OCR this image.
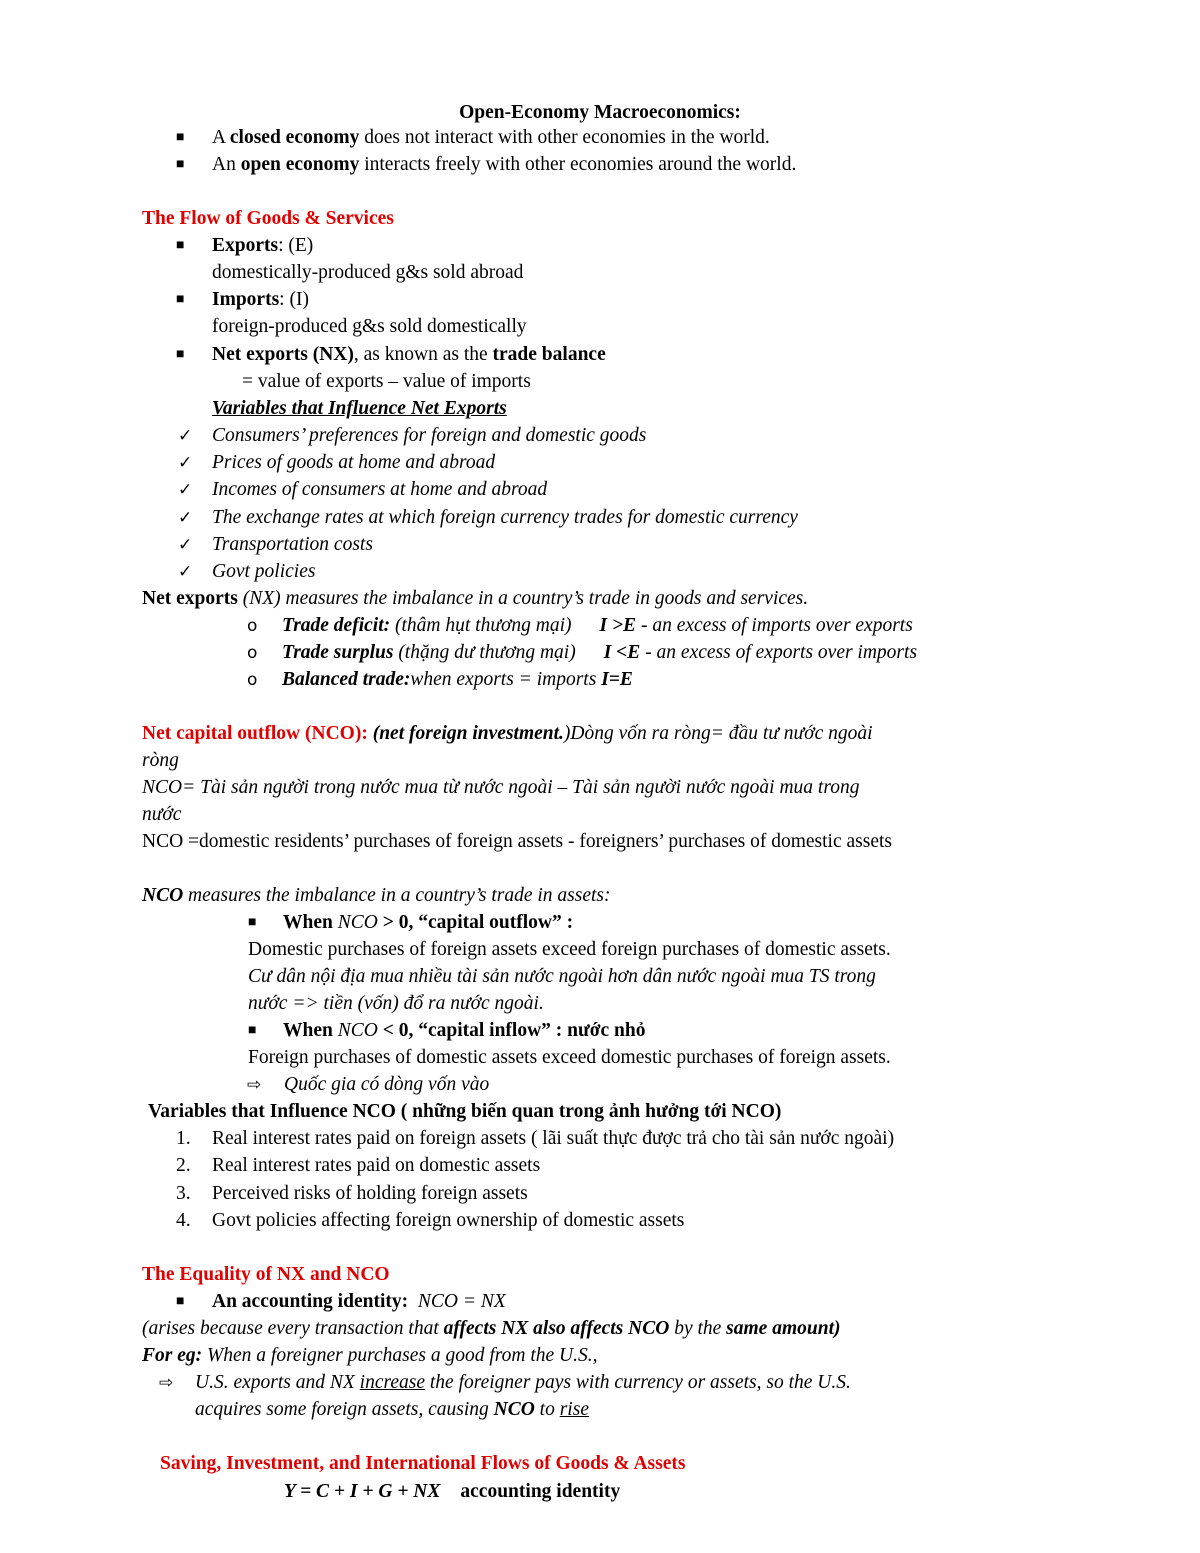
Open-Economy Macroeconomics:
■ A closed economy does not interact with other economies in the world.
■ An open economy interacts freely with other economies around the world.
The Flow of Goods & Services
■ Exports: (E)
domestically-produced g&s sold abroad
■ Imports: (I)
foreign-produced g&s sold domestically
■ Net exports (NX), as known as the trade balance
= value of exports – value of imports
Variables that Influence Net Exports
✓ Consumers’ preferences for foreign and domestic goods
✓ Prices of goods at home and abroad
✓ Incomes of consumers at home and abroad
✓ The exchange rates at which foreign currency trades for domestic currency
✓ Transportation costs
✓ Govt policies
Net exports (NX) measures the imbalance in a country’s trade in goods and services.
o Trade deficit: (thâm hụt thương mại) I >E - an excess of imports over exports
o Trade surplus (thặng dư thương mại) I <E - an excess of exports over imports
o Balanced trade:when exports = imports I=E
Net capital outflow (NCO): (net foreign investment.)Dòng vốn ra ròng= đầu tư nước ngoài
ròng
NCO= Tài sản người trong nước mua từ nước ngoài – Tài sản người nước ngoài mua trong
nước
NCO =domestic residents’ purchases of foreign assets - foreigners’ purchases of domestic assets
NCO measures the imbalance in a country’s trade in assets:
■ When NCO > 0, “capital outflow” :
Domestic purchases of foreign assets exceed foreign purchases of domestic assets.
Cư dân nội địa mua nhiều tài sản nước ngoài hơn dân nước ngoài mua TS trong
nước => tiền (vốn) đổ ra nước ngoài.
■ When NCO < 0, “capital inflow” : nước nhỏ
Foreign purchases of domestic assets exceed domestic purchases of foreign assets.
⇨ Quốc gia có dòng vốn vào
Variables that Influence NCO ( những biến quan trong ảnh hưởng tới NCO)
1. Real interest rates paid on foreign assets ( lãi suất thực được trả cho tài sản nước ngoài)
2. Real interest rates paid on domestic assets
3. Perceived risks of holding foreign assets
4. Govt policies affecting foreign ownership of domestic assets
The Equality of NX and NCO
■ An accounting identity: NCO = NX
(arises because every transaction that affects NX also affects NCO by the same amount)
For eg: When a foreigner purchases a good from the U.S.,
⇨ U.S. exports and NX increase the foreigner pays with currency or assets, so the U.S.
acquires some foreign assets, causing NCO to rise
Saving, Investment, and International Flows of Goods & Assets
Y = C + I + G + NX accounting identity
